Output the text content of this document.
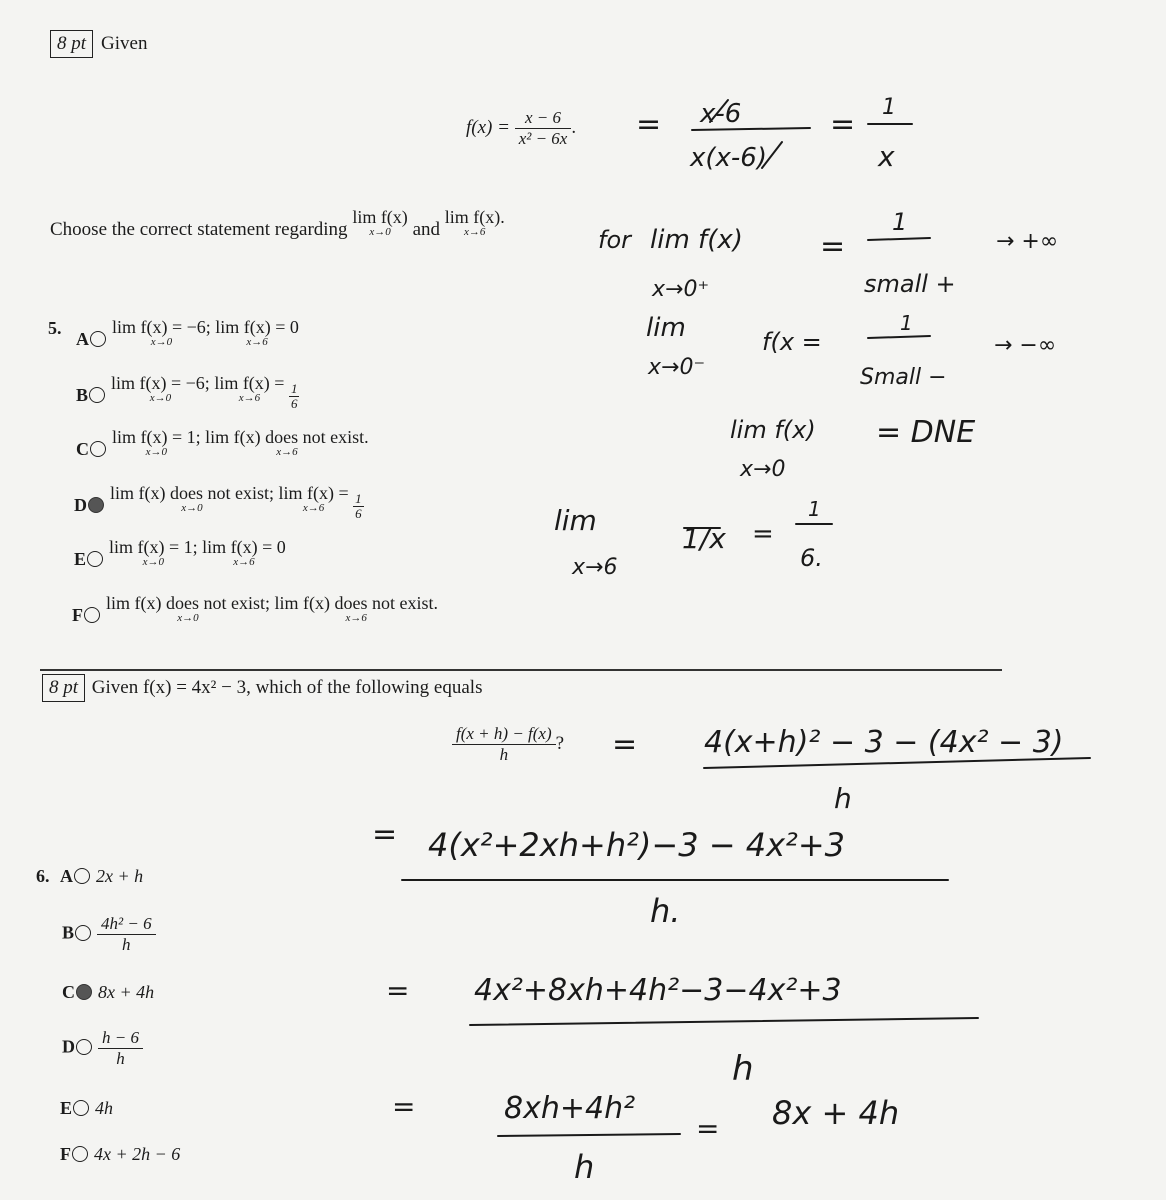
8 pt Given
$f(x) = \frac{x - 6}{\text{x² − 6x}}$ .
Choose the correct statement regarding
lim f(x)
x→0	and
lim f(x).
x→6
5.
A
lim f(x) = −6;
x→0

lim f(x) = 0
x→6
B
lim f(x) = −6;
x→0

lim f(x) =
x→6
	$\frac{1}{6}$
C
lim f(x) = 1;
x→0

lim f(x) does not exist.
x→6
D
lim f(x) does not exist;
x→0

lim f(x) =
x→6
	$\frac{1}{6}$
E
lim f(x) = 1;
x→0

lim f(x) = 0
x→6
F
lim f(x) does not exist;
x→0

lim f(x) does not exist.
x→6
8 pt Given f(x) = 4x² − 3, which of the following equals
$\frac{f(x + h) - f(x)}{h}$ ?
6. A 2x + h
B $\frac{\text{4h² − 6}}{h}$
C 8x + 4h
D $\frac{h - 6}{h}$
E 4h
F 4x + 2h − 6
= x-6
x(x-6)
= 1
x
for lim f(x)
x→0⁺
=
1
small +
→ +∞
lim	f(x =
x→0⁻
1
Small −
→ −∞
lim f(x)
x→0
= DNE
lim
x→6
1/x =
1
6.
= 4(x+h)² − 3 − (4x² − 3)
h
= 4(x²+2xh+h²)−3 − 4x²+3
h.
= 4x²+8xh+4h²−3−4x²+3
h
=	8xh+4h²
h
= 8x + 4h
